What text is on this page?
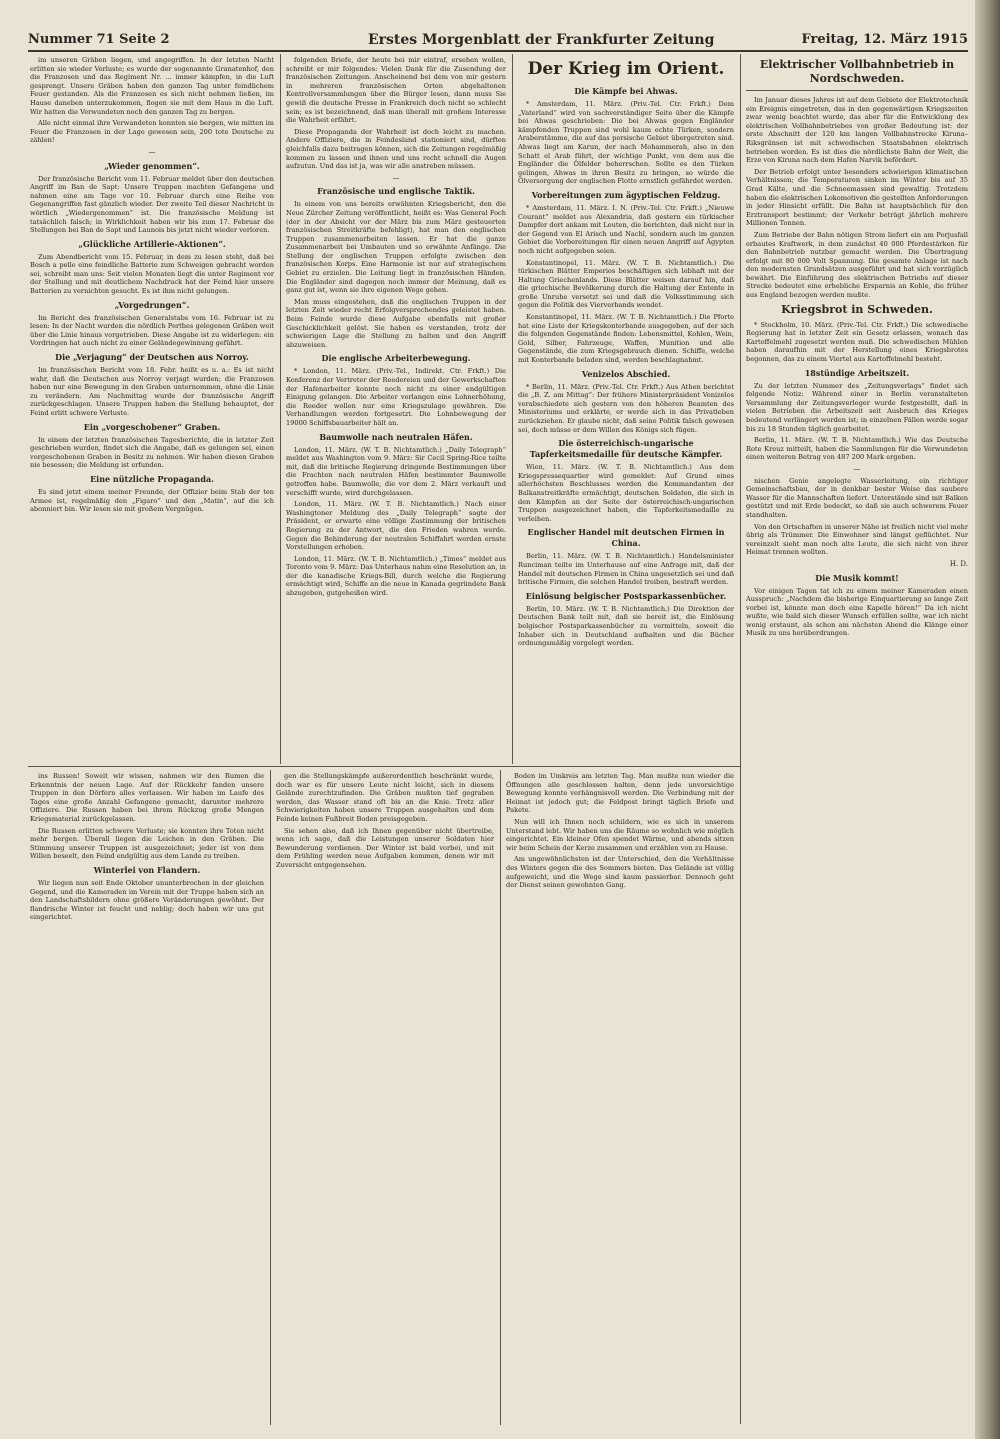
Nummer 71 Seite 2	Erstes Morgenblatt der Frankfurter Zeitung	Freitag, 12. März 1915

im unseren Gräben liegen, und angegriffen. In der letzten Nacht erlitten sie wieder Verluste; es wurde der sogenannte Granatenhof, den die Franzosen und das Regiment Nr. ... immer kämpfen, in die Luft gesprengt. Unsere Gräben haben den ganzen Tag unter feindlichem Feuer gestanden. Als die Franzosen es sich nicht nehmen ließen, im Hause daneben unterzukommen, flogen sie mit dem Haus in die Luft. Wir hatten die Verwundeten noch den ganzen Tag zu bergen.

Alle nicht einmal ihre Verwandeten konnten sie bergen, wie mitten im Feuer die Franzosen in der Lage gewesen sein, 200 tote Deutsche zu zählen!

—
„Wieder genommen“.

Der französische Bericht vom 11. Februar meldet über den deutschen Angriff im Ban de Sapt: Unsere Truppen machten Gefangene und nahmen eine am Tage vor 10. Februar durch eine Reihe von Gegenangriffen fast gänzlich wieder. Der zweite Teil dieser Nachricht in wörtlich „Wiedergenommen“ ist. Die französische Meldung ist tatsächlich falsch; in Wirklichkeit haben wir bis zum 17. Februar die Stellungen bei Ban de Sapt und Launois bis jetzt nicht wieder verloren.

„Glückliche Artillerie-Aktionen“.

Zum Abendbericht vom 15. Februar, in dem zu lesen steht, daß bei Bosch a pelle eine feindliche Batterie zum Schweigen gebracht worden sei, schreibt man uns: Seit vielen Monaten liegt die unter Regiment vor der Stellung und mit deutlichem Nachdruck hat der Feind hier unsere Batterien zu vernichten gesucht. Es ist ihm nicht gelungen.

„Vorgedrungen“.

Im Bericht des französischen Generalstabs vom 16. Februar ist zu lesen: In der Nacht wurden die nördlich Perthes gelegenen Gräben weit über die Linie hinaus vorgetrieben. Diese Angabe ist zu widerlegen: ein Vordringen hat auch nicht zu einer Geländegewinnung geführt.

Die „Verjagung“ der Deutschen aus Norroy.

Im französischen Bericht vom 18. Febr. heißt es u. a.: Es ist nicht wahr, daß die Deutschen aus Norroy verjagt wurden; die Franzosen haben nur eine Bewegung in den Graben unternommen, ohne die Linie zu verändern. Am Nachmittag wurde der französische Angriff zurückgeschlagen. Unsere Truppen haben die Stellung behauptet, der Feind erlitt schwere Verluste.

Ein „vorgeschobener“ Graben.

In einem der letzten französischen Tagesberichte, die in letzter Zeit geschrieben wurden, findet sich die Angabe, daß es gelungen sei, einen vorgeschobenen Graben in Besitz zu nehmen. Wir haben diesen Graben nie besessen; die Meldung ist erfunden.

Eine nützliche Propaganda.

Es sind jetzt einem meiner Freunde, der Offizier beim Stab der ten Armee ist, regelmäßig den „Figaro“ und den „Matin“, auf die ich abonniert bin. Wir lesen sie mit großem Vergnügen.

folgenden Briefe, der heute bei mir eintraf, ersehen wollen, schreibt er mir folgendes: Vielen Dank für die Zusendung der französischen Zeitungen. Anscheinend bei dem von mir gestern in mehreren französischen Orten abgehaltenen Kontrollversammlungen über die Bürger lesen, dann muss Sie gewiß die deutsche Presse in Frankreich doch nicht so schlecht sein; es ist bezeichnend, daß man überall mit großem Interesse die Wahrheit erfährt.

Diese Propaganda der Wahrheit ist doch leicht zu machen. Andere Offiziere, die in Feindesland stationiert sind, dürften gleichfalls dazu beitragen können, sich die Zeitungen regelmäßig kommen zu lassen und ihnen und uns recht schnell die Augen aufzutun. Und das ist ja, was wir alle anstreben müssen.

—
Französische und englische Taktik.

In einem von uns bereits erwähnten Kriegsbericht, den die Neue Zürcher Zeitung veröffentlicht, heißt es: Was General Foch (der in der Absicht vor der März bis zum März gesteuerten französischen Streitkräfte befehligt), hat man den englischen Truppen zusammenarbeiten lassen. Er hat die ganze Zusammenarbeit bei Umbauten und so erwähnte Anfänge. Die Stellung der englischen Truppen erfolgte zwischen den französischen Korps. Eine Harmonie ist nur auf strategischem Gebiet zu erzielen. Die Leitung liegt in französischen Händen. Die Engländer sind dagegen noch immer der Meinung, daß es ganz gut ist, wenn sie ihre eigenen Wege gehen.

Man muss eingestehen, daß die englischen Truppen in der letzten Zeit wieder recht Erfolgversprechendes geleistet haben. Beim Feinde wurde diese Aufgabe ebenfalls mit großer Geschicklichkeit gelöst. Sie haben es verstanden, trotz der schwierigen Lage die Stellung zu halten und den Angriff abzuweisen.

Die englische Arbeiterbewegung.

* London, 11. März. (Priv.-Tel., Indirekt. Ctr. Frkft.) Die Konferenz der Vertreter der Reedereien und der Gewerkschaften der Hafenarbeiter konnte noch nicht zu einer endgültigen Einigung gelangen. Die Arbeiter verlangen eine Lohnerhöhung, die Reeder wollen nur eine Kriegszulage gewähren. Die Verhandlungen werden fortgesetzt. Die Lohnbewegung der 19000 Schiffsbauarbeiter hält an.

Baumwolle nach neutralen Häfen.

London, 11. März. (W. T. B. Nichtamtlich.) „Daily Telegraph“ meldet aus Washington vom 9. März: Sir Cecil Spring-Rice teilte mit, daß die britische Regierung dringende Bestimmungen über die Frachten nach neutralen Häfen bestimmter Baumwolle getroffen habe. Baumwolle, die vor dem 2. März verkauft und verschifft wurde, wird durchgelassen.

London, 11. März. (W. T. B. Nichtamtlich.) Nach einer Washingtoner Meldung des „Daily Telegraph“ sagte der Präsident, er erwarte eine völlige Zustimmung der britischen Regierung zu der Antwort, die den Frieden wahren werde. Gegen die Behinderung der neutralen Schiffahrt werden ernste Vorstellungen erhoben.

London, 11. März. (W. T. B. Nichtamtlich.) „Times“ meldet aus Toronto vom 9. März: Das Unterhaus nahm eine Resolution an, in der die kanadische Kriegs-Bill, durch welche die Regierung ermächtigt wird, Schiffe an die neue in Kanada gegründete Bank abzugeben, gutgeheißen wird.

Der Krieg im Orient.
Die Kämpfe bei Ahwas.

* Amsterdam, 11. März. (Priv.-Tel. Ctr. Frkft.) Dem „Vaterland“ wird von sachverständiger Seite über die Kämpfe bei Ahwas geschrieben: Die bei Ahwas gegen Engländer kämpfenden Truppen sind wohl kaum echte Türken, sondern Araberstämme, die auf das persische Gebiet übergetreten sind. Ahwas liegt am Karun, der nach Mohammerah, also in den Schatt el Arab führt, der wichtige Punkt, von dem aus die Engländer die Ölfelder beherrschen. Sollte es den Türken gelingen, Ahwas in ihren Besitz zu bringen, so würde die Ölversorgung der englischen Flotte ernstlich gefährdet werden.

Vorbereitungen zum ägyptischen Feldzug.

* Amsterdam, 11. März. I. N. (Priv.-Tel. Ctr. Frkft.) „Nieuwe Courant“ meldet aus Alexandria, daß gestern ein türkischer Dampfer dort ankam mit Leuten, die berichten, daß nicht nur in der Gegend von El Arisch und Nachl, sondern auch im ganzen Gebiet die Vorbereitungen für einen neuen Angriff auf Ägypten noch nicht aufgegeben seien.

Konstantinopel, 11. März. (W. T. B. Nichtamtlich.) Die türkischen Blätter Emperios beschäftigen sich lebhaft mit der Haltung Griechenlands. Diese Blätter weisen darauf hin, daß die griechische Bevölkerung durch die Haltung der Entente in große Unruhe versetzt sei und daß die Volksstimmung sich gegen die Politik des Vierverbands wendet.

Konstantinopel, 11. März. (W. T. B. Nichtamtlich.) Die Pforte hat eine Liste der Kriegskonterbande ausgegeben, auf der sich die folgenden Gegenstände finden: Lebensmittel, Kohlen, Wein, Gold, Silber, Fahrzeuge, Waffen, Munition und alle Gegenstände, die zum Kriegsgebrauch dienen. Schiffe, welche mit Konterbande beladen sind, werden beschlagnahmt.

Venizelos Abschied.

* Berlin, 11. März. (Priv.-Tel. Ctr. Frkft.) Aus Athen berichtet die „B. Z. am Mittag“: Der frühere Ministerpräsident Venizelos verabschiedete sich gestern von den höheren Beamten des Ministeriums und erklärte, er werde sich in das Privatleben zurückziehen. Er glaube nicht, daß seine Politik falsch gewesen sei, doch müsse er dem Willen des Königs sich fügen.

Die österreichisch-ungarische Tapferkeitsmedaille für deutsche Kämpfer.

Wien, 11. März. (W. T. B. Nichtamtlich.) Aus dem Kriegspressequartier wird gemeldet: Auf Grund eines allerhöchsten Beschlusses werden die Kommandanten der Balkanstreitkräfte ermächtigt, deutschen Soldaten, die sich in den Kämpfen an der Seite der österreichisch-ungarischen Truppen ausgezeichnet haben, die Tapferkeitsmedaille zu verleihen.

Englischer Handel mit deutschen Firmen in China.

Berlin, 11. März. (W. T. B. Nichtamtlich.) Handelsminister Runciman teilte im Unterhause auf eine Anfrage mit, daß der Handel mit deutschen Firmen in China ungesetzlich sei und daß britische Firmen, die solchen Handel treiben, bestraft werden.

Einlösung belgischer Postsparkassenbücher.

Berlin, 10. März. (W. T. B. Nichtamtlich.) Die Direktion der Deutschen Bank teilt mit, daß sie bereit ist, die Einlösung belgischer Postsparkassenbücher zu vermitteln, soweit die Inhaber sich in Deutschland aufhalten und die Bücher ordnungsmäßig vorgelegt werden.

Elektrischer Vollbahnbetrieb in Nordschweden.

Im Januar dieses Jahres ist auf dem Gebiete der Elektrotechnik ein Ereignis eingetreten, das in den gegenwärtigen Kriegszeiten zwar wenig beachtet wurde, das aber für die Entwicklung des elektrischen Vollbahnbetriebes von großer Bedeutung ist: der erste Abschnitt der 120 km langen Vollbahnstrecke Kiruna–Riksgränsen ist mit schwedischen Staatsbahnen elektrisch betrieben worden. Es ist dies die nördlichste Bahn der Welt, die Erze von Kiruna nach dem Hafen Narvik befördert.

Der Betrieb erfolgt unter besonders schwierigen klimatischen Verhältnissen; die Temperaturen sinken im Winter bis auf 35 Grad Kälte, und die Schneemassen sind gewaltig. Trotzdem haben die elektrischen Lokomotiven die gestellten Anforderungen in jeder Hinsicht erfüllt. Die Bahn ist hauptsächlich für den Erztransport bestimmt; der Verkehr beträgt jährlich mehrere Millionen Tonnen.

Zum Betriebe der Bahn nötigen Strom liefert ein am Porjusfall erbautes Kraftwerk, in dem zunächst 40 000 Pferdestärken für den Bahnbetrieb nutzbar gemacht werden. Die Übertragung erfolgt mit 80 000 Volt Spannung. Die gesamte Anlage ist nach den modernsten Grundsätzen ausgeführt und hat sich vorzüglich bewährt. Die Einführung des elektrischen Betriebs auf dieser Strecke bedeutet eine erhebliche Ersparnis an Kohle, die früher aus England bezogen werden mußte.

Kriegsbrot in Schweden.

* Stockholm, 10. März. (Priv.-Tel. Ctr. Frkft.) Die schwedische Regierung hat in letzter Zeit ein Gesetz erlassen, wonach das Kartoffelmehl zugesetzt werden muß. Die schwedischen Mühlen haben daraufhin mit der Herstellung eines Kriegsbrotes begonnen, das zu einem Viertel aus Kartoffelmehl besteht.

18stündige Arbeitszeit.

Zu der letzten Nummer des „Zeitungsverlags“ findet sich folgende Notiz: Während einer in Berlin veranstalteten Versammlung der Zeitungsverleger wurde festgestellt, daß in vielen Betrieben die Arbeitszeit seit Ausbruch des Krieges bedeutend verlängert worden ist; in einzelnen Fällen werde sogar bis zu 18 Stunden täglich gearbeitet.

Berlin, 11. März. (W. T. B. Nichtamtlich.) Wie das Deutsche Rote Kreuz mitteilt, haben die Sammlungen für die Verwundeten einen weiteren Betrag von 487 200 Mark ergeben.

—

nischen Genie angelegte Wasserleitung, ein richtiger Gemeinschaftsbau, der in denkbar bester Weise das saubere Wasser für die Mannschaften liefert. Unterstände sind mit Balken gestützt und mit Erde bedeckt, so daß sie auch schwerem Feuer standhalten.

Von den Ortschaften in unserer Nähe ist freilich nicht viel mehr übrig als Trümmer. Die Einwohner sind längst geflüchtet. Nur vereinzelt sieht man noch alte Leute, die sich nicht von ihrer Heimat trennen wollten.

H. D.
Die Musik kommt!

Vor einigen Tagen tat ich zu einem meiner Kameraden einen Ausspruch: „Nachdem die bisherige Einquartierung so lange Zeit vorbei ist, könnte man doch eine Kapelle hören!“ Da ich nicht wußte, wie bald sich dieser Wunsch erfüllen sollte, war ich nicht wenig erstaunt, als schon am nächsten Abend die Klänge einer Musik zu uns herüberdrangen.

ins Russen! Soweit wir wissen, nahmen wir den Rumen die Erkenntnis der neuen Lage. Auf der Rückkehr fanden unsere Truppen in den Dörfern alles verlassen. Wir haben im Laufe des Tages eine große Anzahl Gefangene gemacht, darunter mehrere Offiziere. Die Russen haben bei ihrem Rückzug große Mengen Kriegsmaterial zurückgelassen.

Die Russen erlitten schwere Verluste; sie konnten ihre Toten nicht mehr bergen. Überall liegen die Leichen in den Gräben. Die Stimmung unserer Truppen ist ausgezeichnet; jeder ist von dem Willen beseelt, den Feind endgültig aus dem Lande zu treiben.

Winterlei von Flandern.

Wir liegen nun seit Ende Oktober ununterbrochen in der gleichen Gegend, und die Kameraden im Verein mit der Truppe haben sich an den Landschaftsbildern ohne größere Veränderungen gewöhnt. Der flandrische Winter ist feucht und neblig; doch haben wir uns gut eingerichtet.

gen die Stellungskämpfe außerordentlich beschränkt wurde, doch war es für unsere Leute nicht leicht, sich in diesem Gelände zurechtzufinden. Die Gräben mußten tief gegraben werden, das Wasser stand oft bis an die Knie. Trotz aller Schwierigkeiten haben unsere Truppen ausgehalten und dem Feinde keinen Fußbreit Boden preisgegeben.

Sie sehen also, daß ich Ihnen gegenüber nicht übertreibe, wenn ich sage, daß die Leistungen unserer Soldaten hier Bewunderung verdienen. Der Winter ist bald vorbei, und mit dem Frühling werden neue Aufgaben kommen, denen wir mit Zuversicht entgegensehen.

Boden im Umkreis am letzten Tag. Man mußte nun wieder die Öffnungen alle geschlossen halten, denn jede unvorsichtige Bewegung konnte verhängnisvoll werden. Die Verbindung mit der Heimat ist jedoch gut; die Feldpost bringt täglich Briefe und Pakete.

Nun will ich Ihnen noch schildern, wie es sich in unserem Unterstand lebt. Wir haben uns die Räume so wohnlich wie möglich eingerichtet. Ein kleiner Ofen spendet Wärme, und abends sitzen wir beim Schein der Kerze zusammen und erzählen von zu Hause.

Am ungewöhnlichsten ist der Unterschied, den die Verhältnisse des Winters gegen die des Sommers bieten. Das Gelände ist völlig aufgeweicht, und die Wege sind kaum passierbar. Dennoch geht der Dienst seinen gewohnten Gang.
